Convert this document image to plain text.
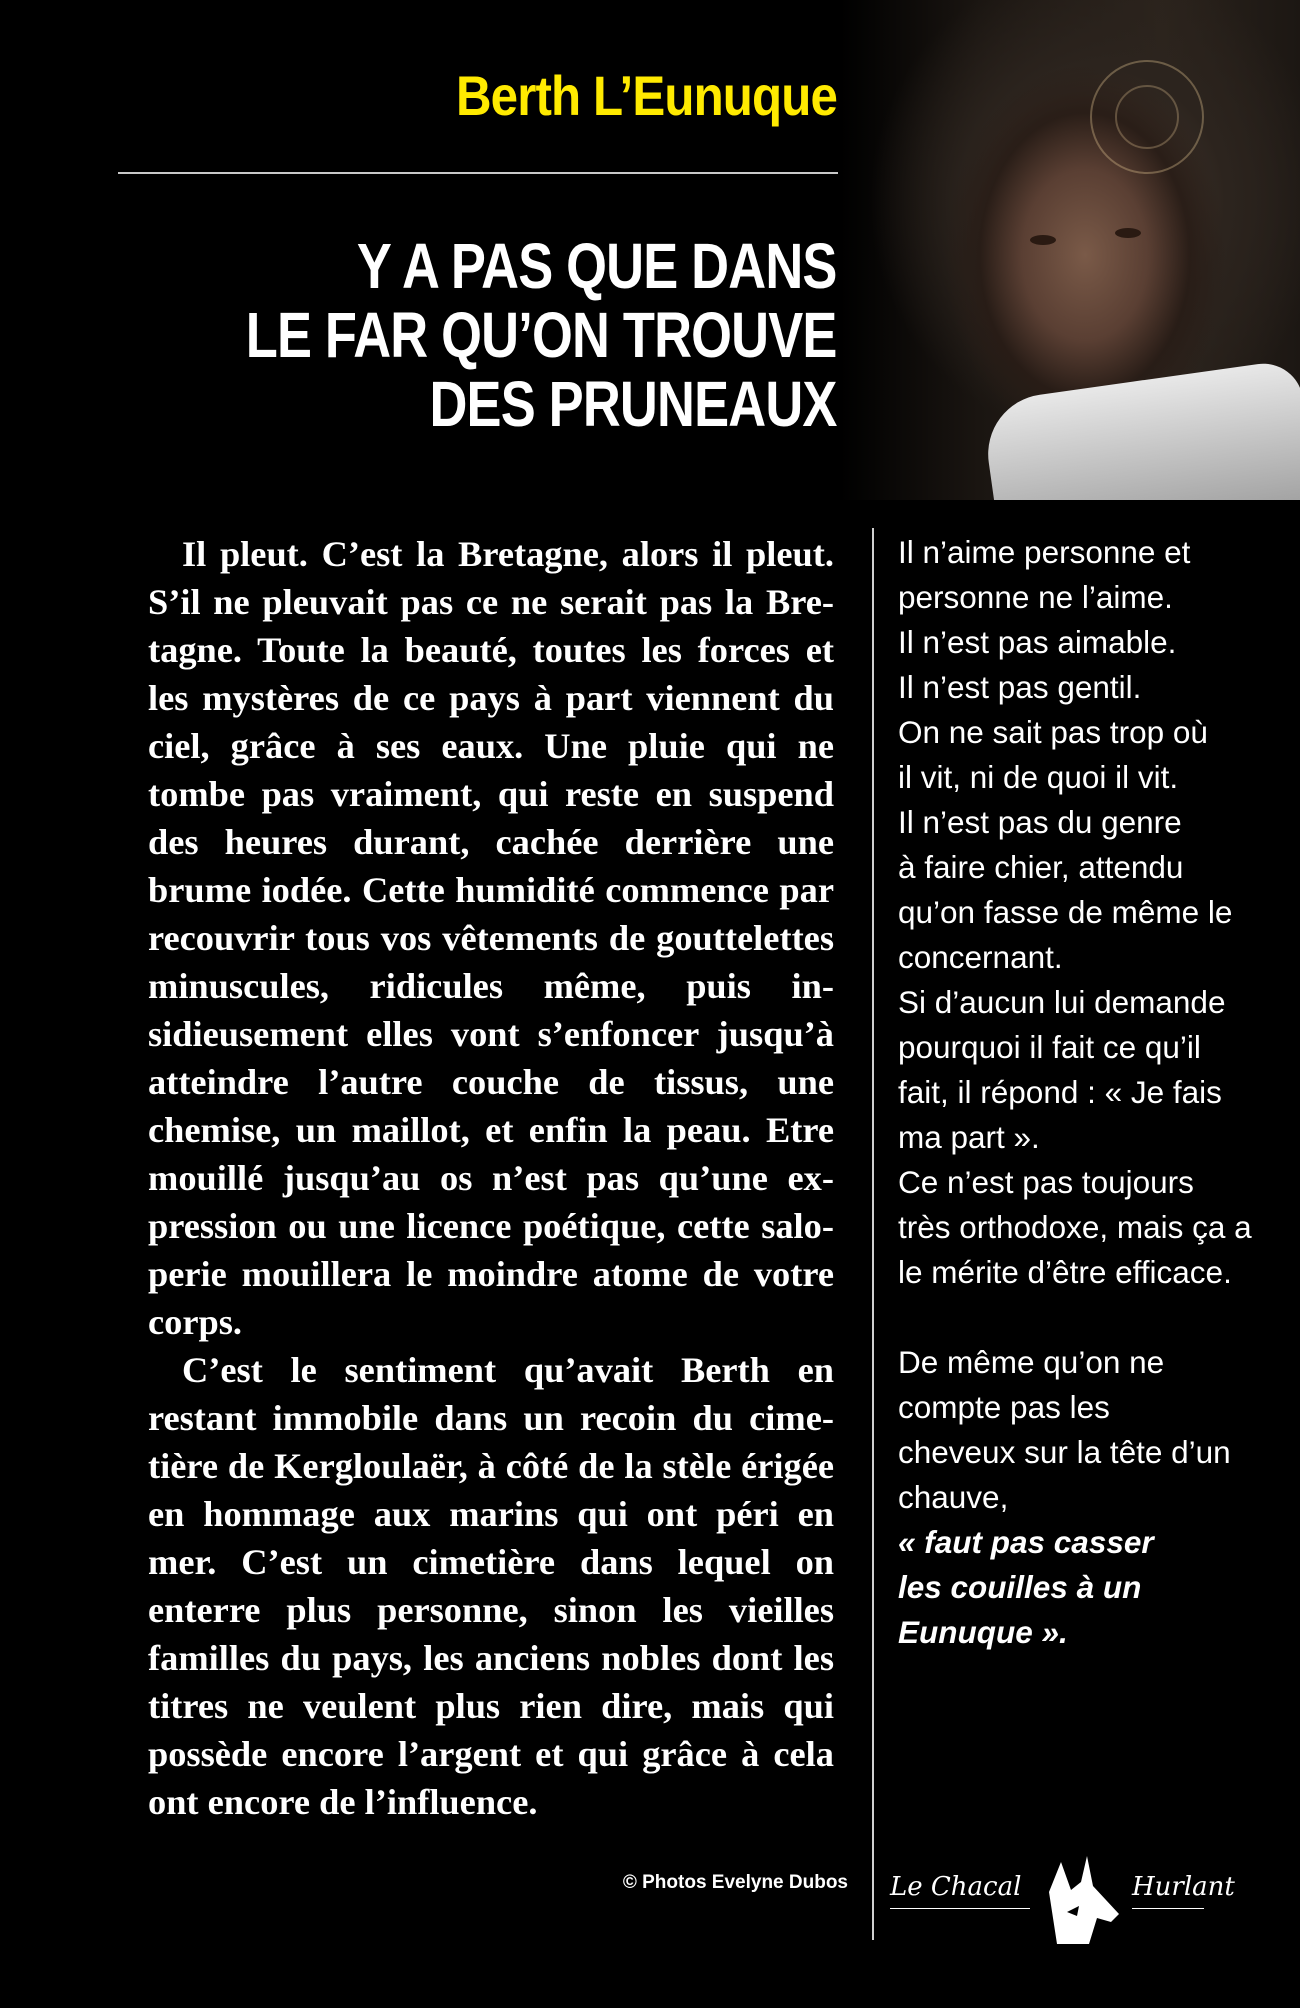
Berth L’Eunuque
Y A PAS QUE DANS
LE FAR QU’ON TROUVE
DES PRUNEAUX

Il pleut. C’est la Bretagne, alors il pleut. S’il ne pleuvait pas ce ne serait pas la Bretagne. Toute la beauté, toutes les forces et les mystères de ce pays à part viennent du ciel, grâce à ses eaux. Une pluie qui ne tombe pas vraiment, qui reste en suspend des heures durant, cachée derrière une brume iodée. Cette humidité commence par recouvrir tous vos vêtements de gouttelettes minuscules, ridicules même, puis insidieusement elles vont s’enfoncer jusqu’à atteindre l’autre couche de tissus, une chemise, un maillot, et enfin la peau. Etre mouillé jusqu’au os n’est pas qu’une expression ou une licence poétique, cette saloperie mouillera le moindre atome de votre corps.

C’est le sentiment qu’avait Berth en restant immobile dans un recoin du cimetière de Kergloulaër, à côté de la stèle érigée en hommage aux marins qui ont péri en mer. C’est un cimetière dans lequel on enterre plus personne, sinon les vieilles familles du pays, les anciens nobles dont les titres ne veulent plus rien dire, mais qui possède encore l’argent et qui grâce à cela ont encore de l’influence.

Il n’aime personne et
personne ne l’aime.
Il n’est pas aimable.
Il n’est pas gentil.
On ne sait pas trop où
il vit, ni de quoi il vit.
Il n’est pas du genre
à faire chier, attendu
qu’on fasse de même le
concernant.
Si d’aucun lui demande
pourquoi il fait ce qu’il
fait, il répond : « Je fais
ma part ».
Ce n’est pas toujours
très orthodoxe, mais ça a
le mérite d’être efficace.
De même qu’on ne
compte pas les
cheveux sur la tête d’un
chauve,
« faut pas casser
les couilles à un
Eunuque ».
© Photos Evelyne Dubos Le Chacal	Hurlant
